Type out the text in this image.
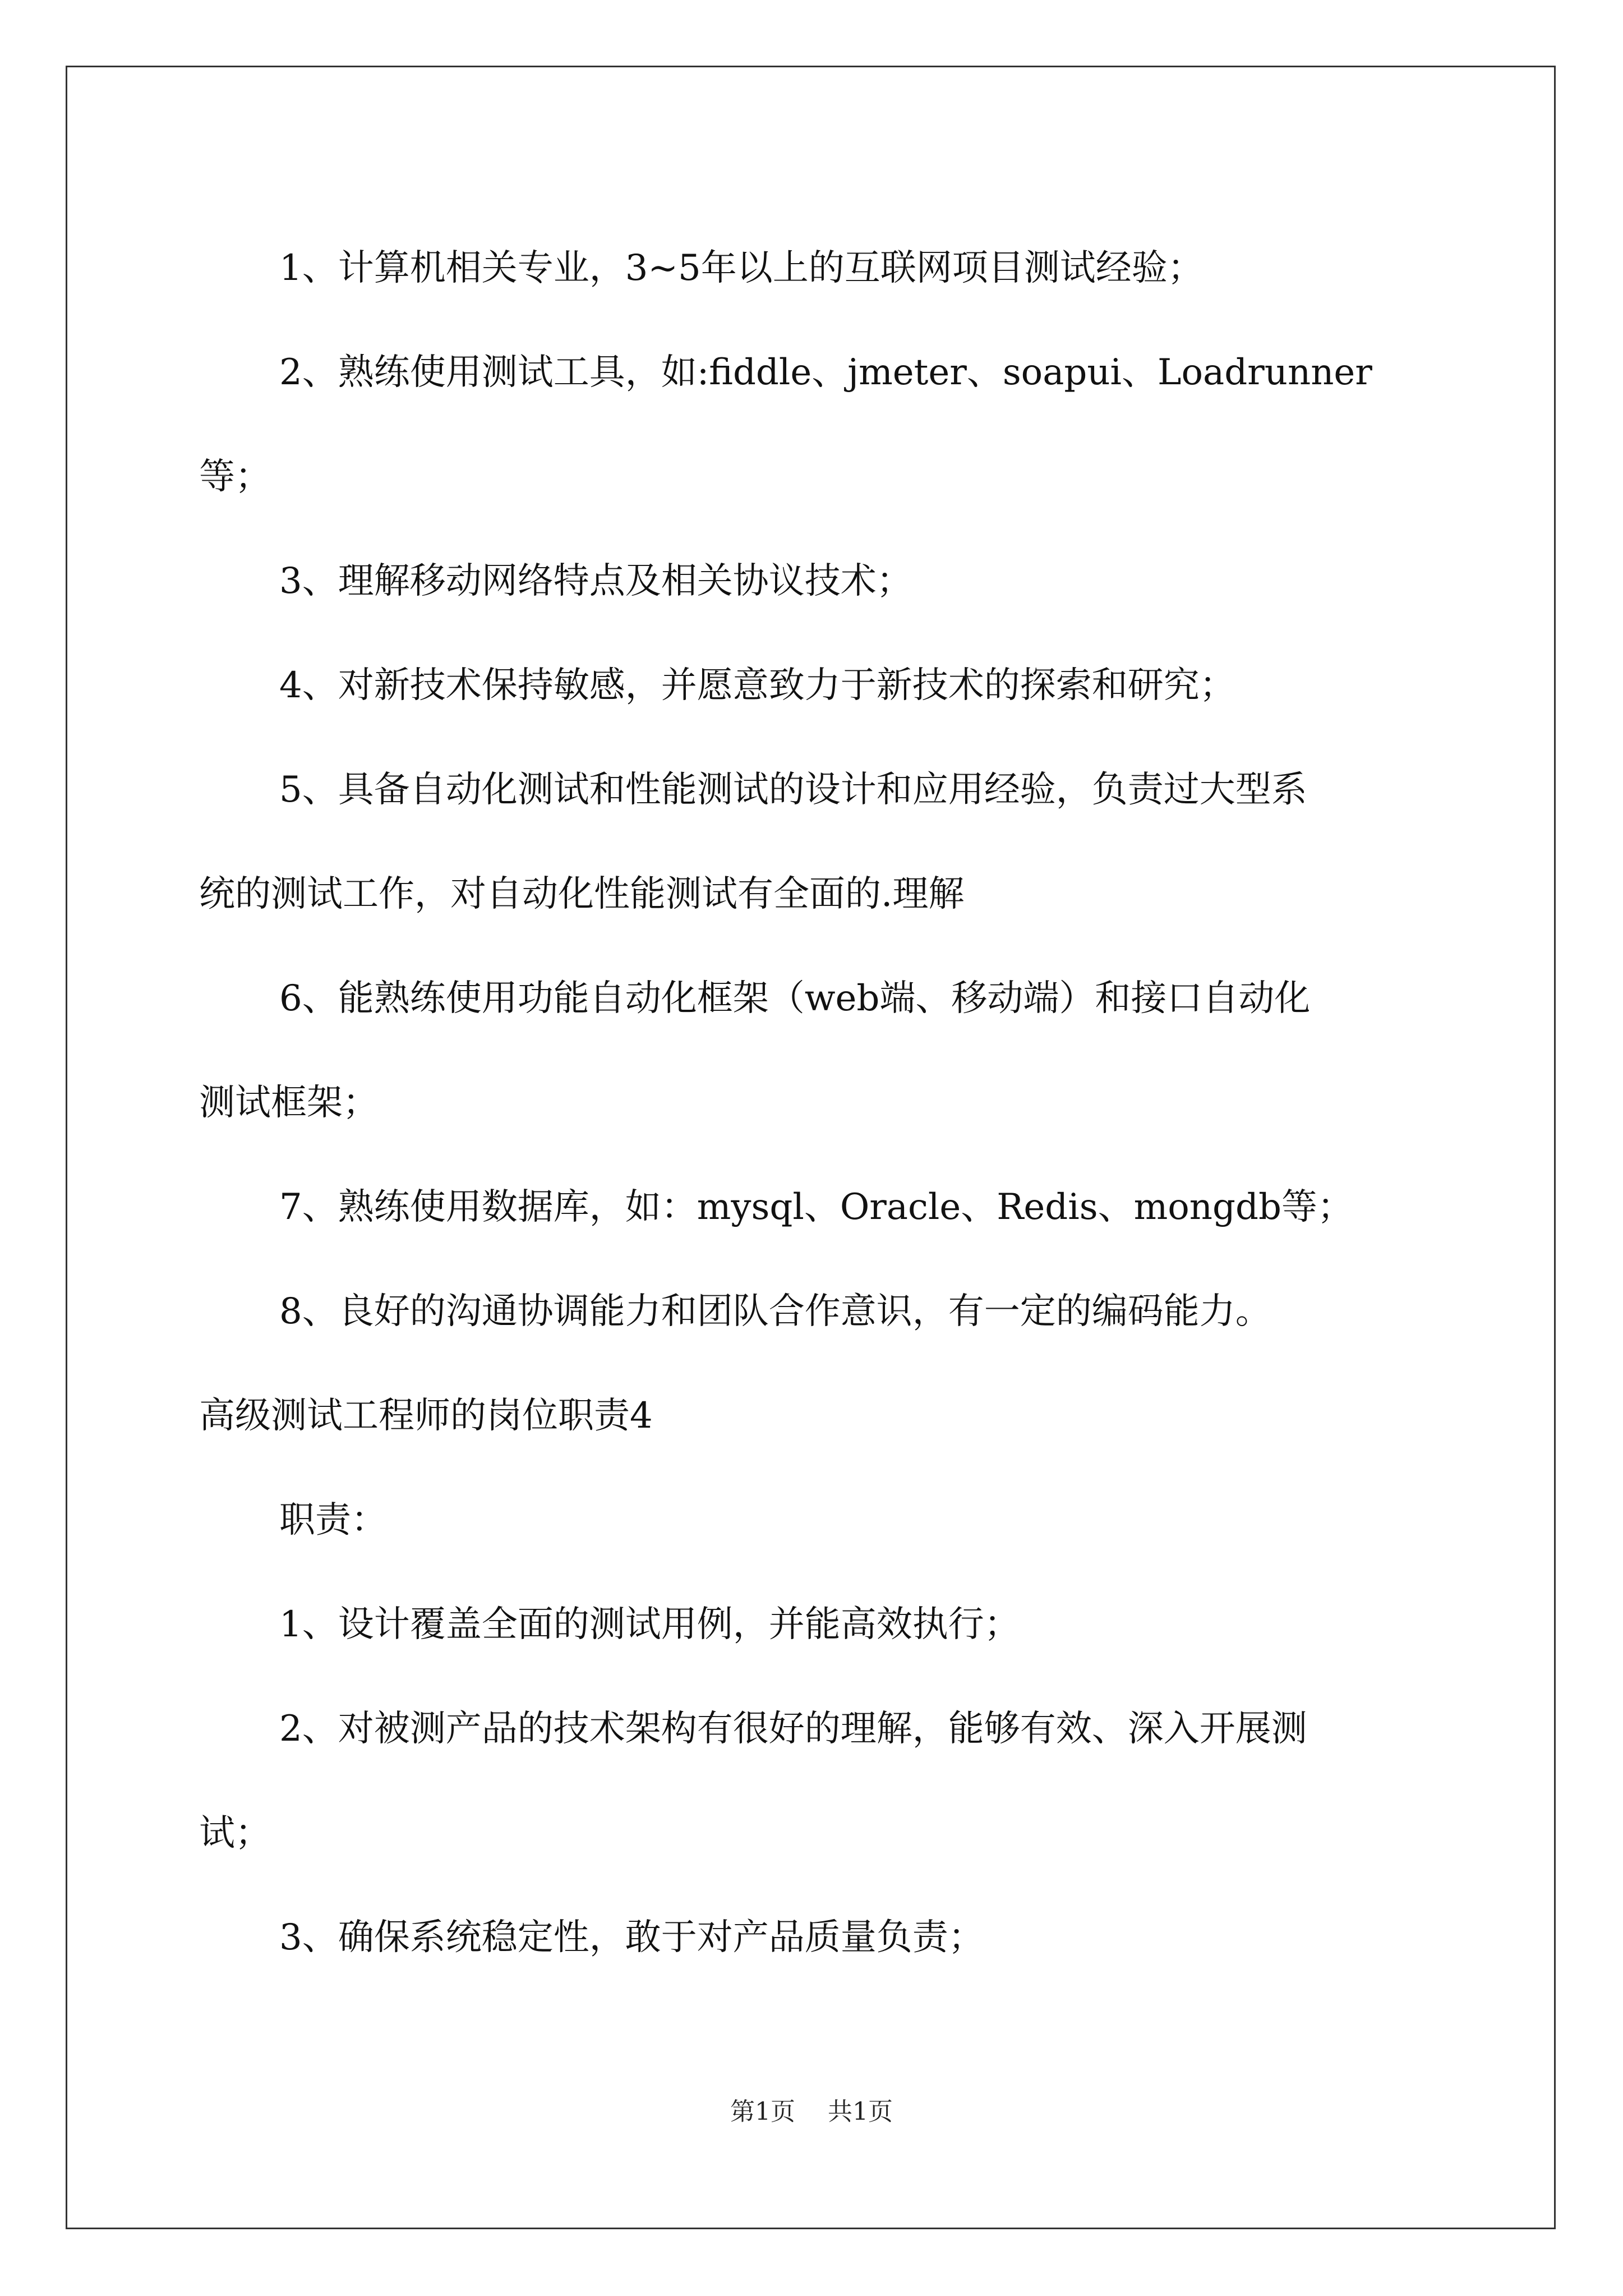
1、计算机相关专业，3~5年以上的互联网项目测试经验；

2、熟练使用测试工具，如:fiddle、jmeter、soapui、Loadrunner

等；

3、理解移动网络特点及相关协议技术；

4、对新技术保持敏感，并愿意致力于新技术的探索和研究；

5、具备自动化测试和性能测试的设计和应用经验，负责过大型系

统的测试工作，对自动化性能测试有全面的.理解

6、能熟练使用功能自动化框架（web端、移动端）和接口自动化

测试框架；

7、熟练使用数据库，如：mysql、Oracle、Redis、mongdb等；

8、良好的沟通协调能力和团队合作意识，有一定的编码能力。

高级测试工程师的岗位职责4

职责：

1、设计覆盖全面的测试用例，并能高效执行；

2、对被测产品的技术架构有很好的理解，能够有效、深入开展测

试；

3、确保系统稳定性，敢于对产品质量负责；

第1页 共1页
